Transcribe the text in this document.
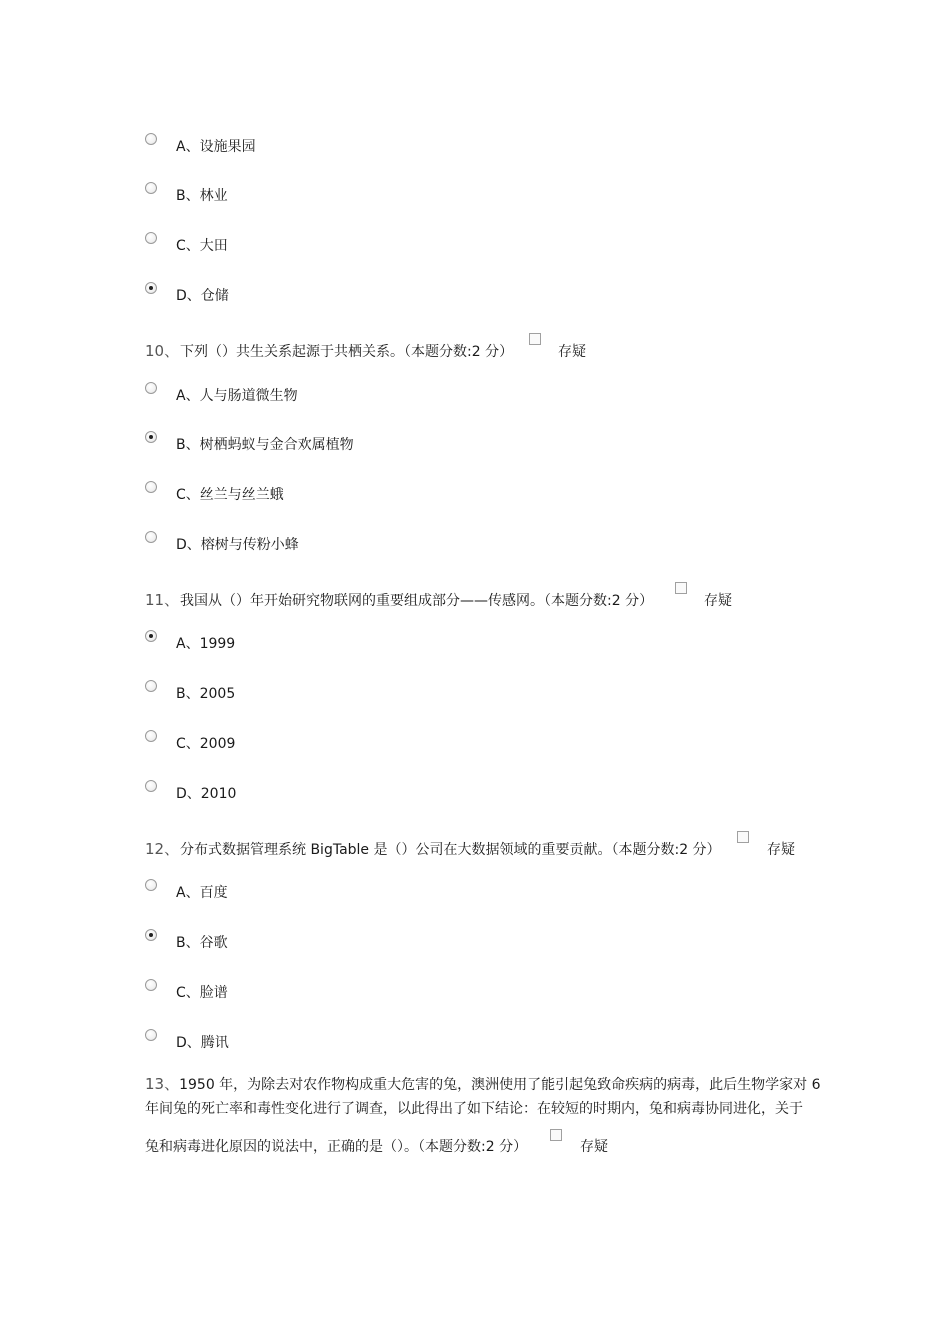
A、设施果园
B、林业
C、大田
D、仓储
10、 下列（）共生关系起源于共栖关系。（本题分数:2 分）	存疑
A、人与肠道微生物
B、树栖蚂蚁与金合欢属植物
C、丝兰与丝兰蛾
D、榕树与传粉小蜂
11、 我国从（）年开始研究物联网的重要组成部分——传感网。（本题分数:2 分）	存疑
A、1999
B、2005
C、2009
D、2010
12、 分布式数据管理系统 BigTable 是（）公司在大数据领域的重要贡献。（本题分数:2 分）	存疑
A、百度
B、谷歌
C、脸谱
D、腾讯
13、1950 年，为除去对农作物构成重大危害的兔，澳洲使用了能引起兔致命疾病的病毒，此后生物学家对 6
年间兔的死亡率和毒性变化进行了调查，以此得出了如下结论：在较短的时期内，兔和病毒协同进化，关于
兔和病毒进化原因的说法中，正确的是（）。（本题分数:2 分）	存疑
